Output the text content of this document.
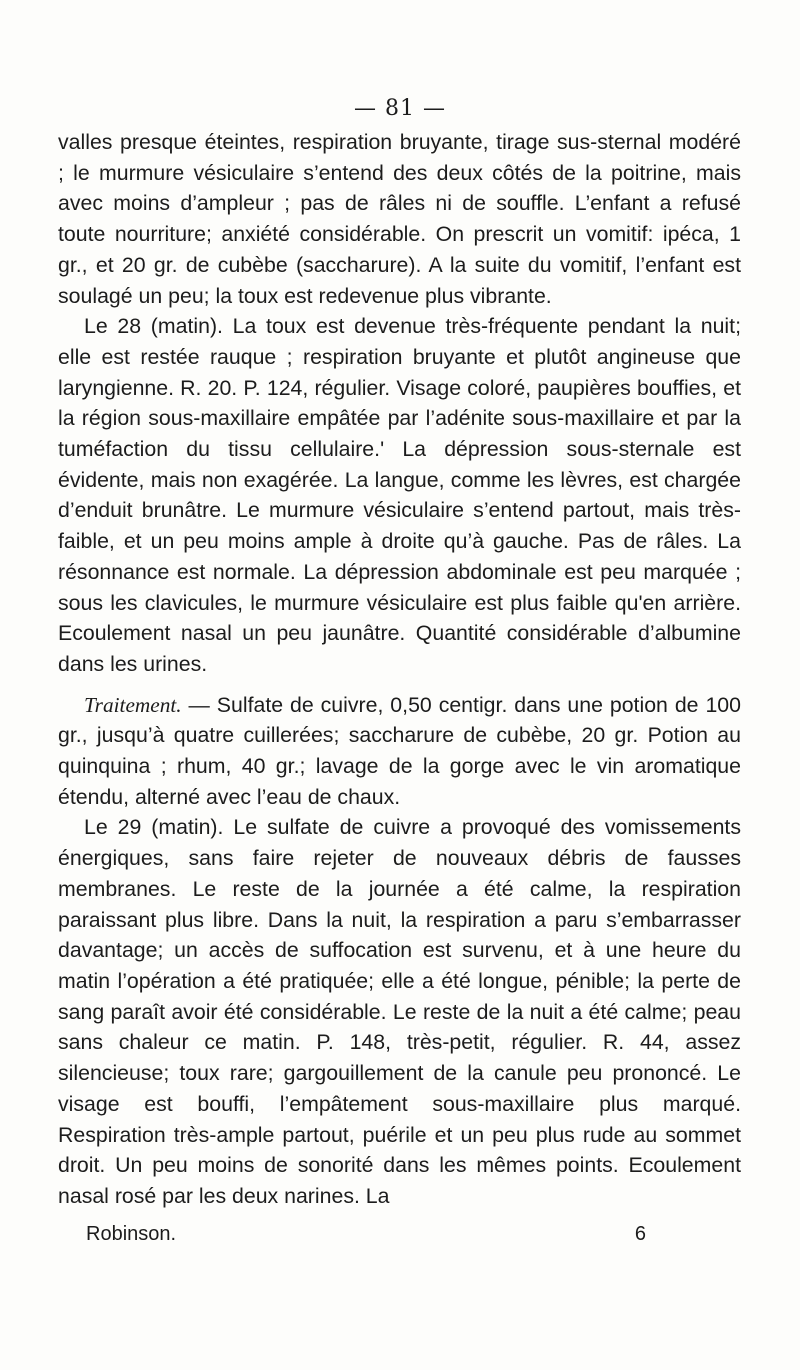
— 81 —

valles presque éteintes, respiration bruyante, tirage sus-sternal modéré ; le murmure vésiculaire s’entend des deux côtés de la poitrine, mais avec moins d’ampleur ; pas de râles ni de souffle. L’enfant a refusé toute nourriture; anxiété considérable. On prescrit un vomitif: ipéca, 1 gr., et 20 gr. de cubèbe (saccharure). A la suite du vomitif, l’enfant est soulagé un peu; la toux est redevenue plus vibrante.

Le 28 (matin). La toux est devenue très-fréquente pendant la nuit; elle est restée rauque ; respiration bruyante et plutôt angineuse que laryngienne. R. 20. P. 124, régulier. Visage coloré, paupières bouffies, et la région sous-maxillaire empâtée par l’adénite sous-maxillaire et par la tuméfaction du tissu cellulaire.' La dépression sous-sternale est évidente, mais non exagérée. La langue, comme les lèvres, est chargée d’enduit brunâtre. Le murmure vésiculaire s’entend partout, mais très-faible, et un peu moins ample à droite qu’à gauche. Pas de râles. La résonnance est normale. La dépression abdominale est peu marquée ; sous les clavicules, le murmure vésiculaire est plus faible qu'en arrière. Ecoulement nasal un peu jaunâtre. Quantité considérable d’albumine dans les urines.

Traitement. — Sulfate de cuivre, 0,50 centigr. dans une potion de 100 gr., jusqu’à quatre cuillerées; saccharure de cubèbe, 20 gr. Potion au quinquina ; rhum, 40 gr.; lavage de la gorge avec le vin aromatique étendu, alterné avec l’eau de chaux.

Le 29 (matin). Le sulfate de cuivre a provoqué des vomissements énergiques, sans faire rejeter de nouveaux débris de fausses membranes. Le reste de la journée a été calme, la respiration paraissant plus libre. Dans la nuit, la respiration a paru s’embarrasser davantage; un accès de suffocation est survenu, et à une heure du matin l’opération a été pratiquée; elle a été longue, pénible; la perte de sang paraît avoir été considérable. Le reste de la nuit a été calme; peau sans chaleur ce matin. P. 148, très-petit, régulier. R. 44, assez silencieuse; toux rare; gargouillement de la canule peu prononcé. Le visage est bouffi, l’empâtement sous-maxillaire plus marqué. Respiration très-ample partout, puérile et un peu plus rude au sommet droit. Un peu moins de sonorité dans les mêmes points. Ecoulement nasal rosé par les deux narines. La

Robinson.	6
